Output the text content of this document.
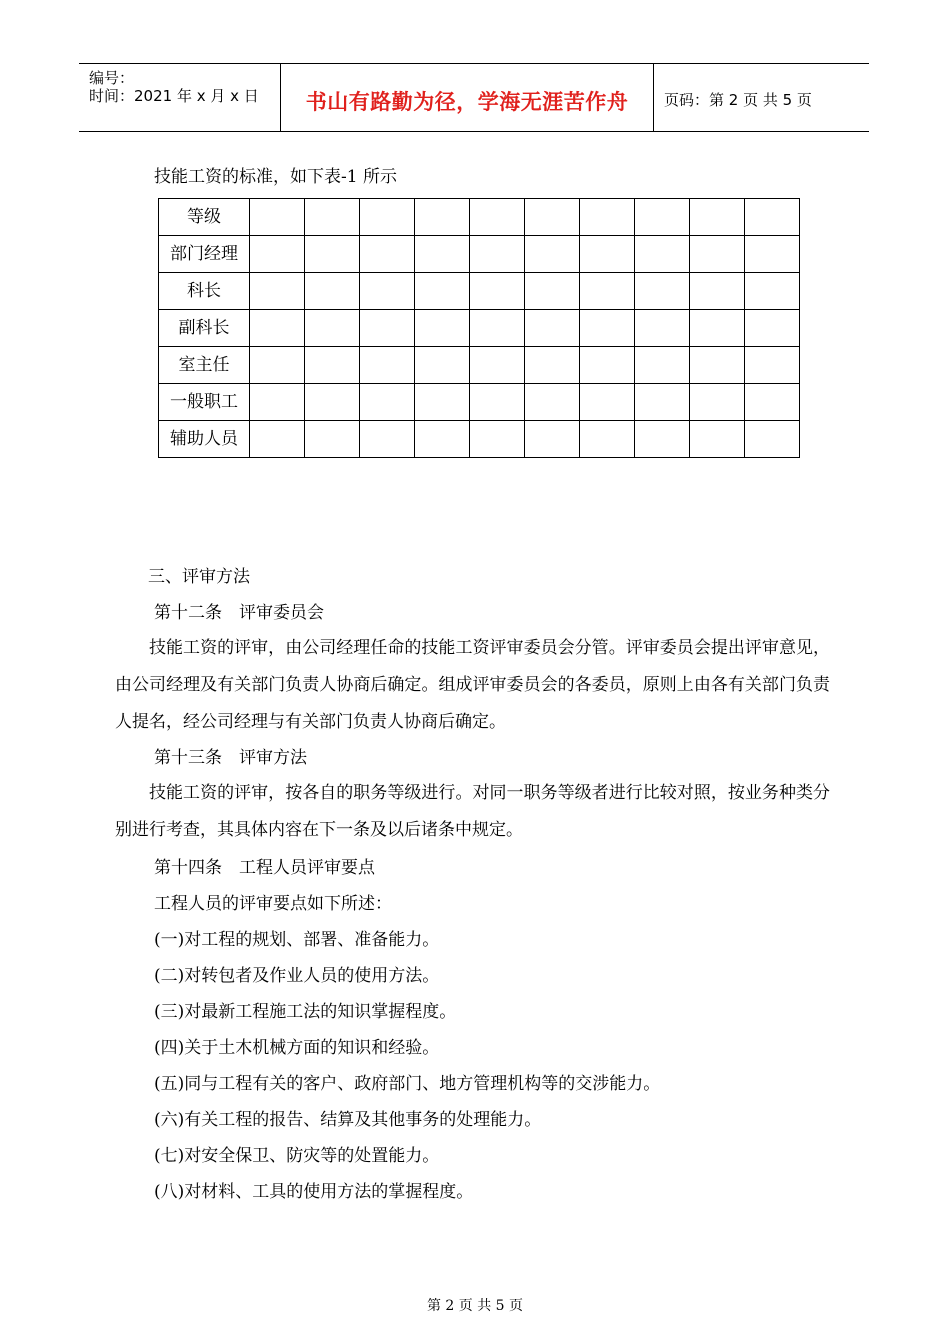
编号：
时间：2021 年 x 月 x 日	书山有路勤为径，学海无涯苦作舟	页码：第 2 页 共 5 页
技能工资的标准，如下表-1 所示
等级										
部门经理										
科长										
副科长										
室主任										
一般职工										
辅助人员										
三、评审方法
第十二条　评审委员会
技能工资的评审，由公司经理任命的技能工资评审委员会分管。评审委员会提出评审意见，由公司经理及有关部门负责人协商后确定。组成评审委员会的各委员，原则上由各有关部门负责人提名，经公司经理与有关部门负责人协商后确定。
第十三条　评审方法
技能工资的评审，按各自的职务等级进行。对同一职务等级者进行比较对照，按业务种类分别进行考查，其具体内容在下一条及以后诸条中规定。
第十四条　工程人员评审要点
工程人员的评审要点如下所述：
(一)对工程的规划、部署、准备能力。
(二)对转包者及作业人员的使用方法。
(三)对最新工程施工法的知识掌握程度。
(四)关于土木机械方面的知识和经验。
(五)同与工程有关的客户、政府部门、地方管理机构等的交涉能力。
(六)有关工程的报告、结算及其他事务的处理能力。
(七)对安全保卫、防灾等的处置能力。
(八)对材料、工具的使用方法的掌握程度。
第 2 页 共 5 页
